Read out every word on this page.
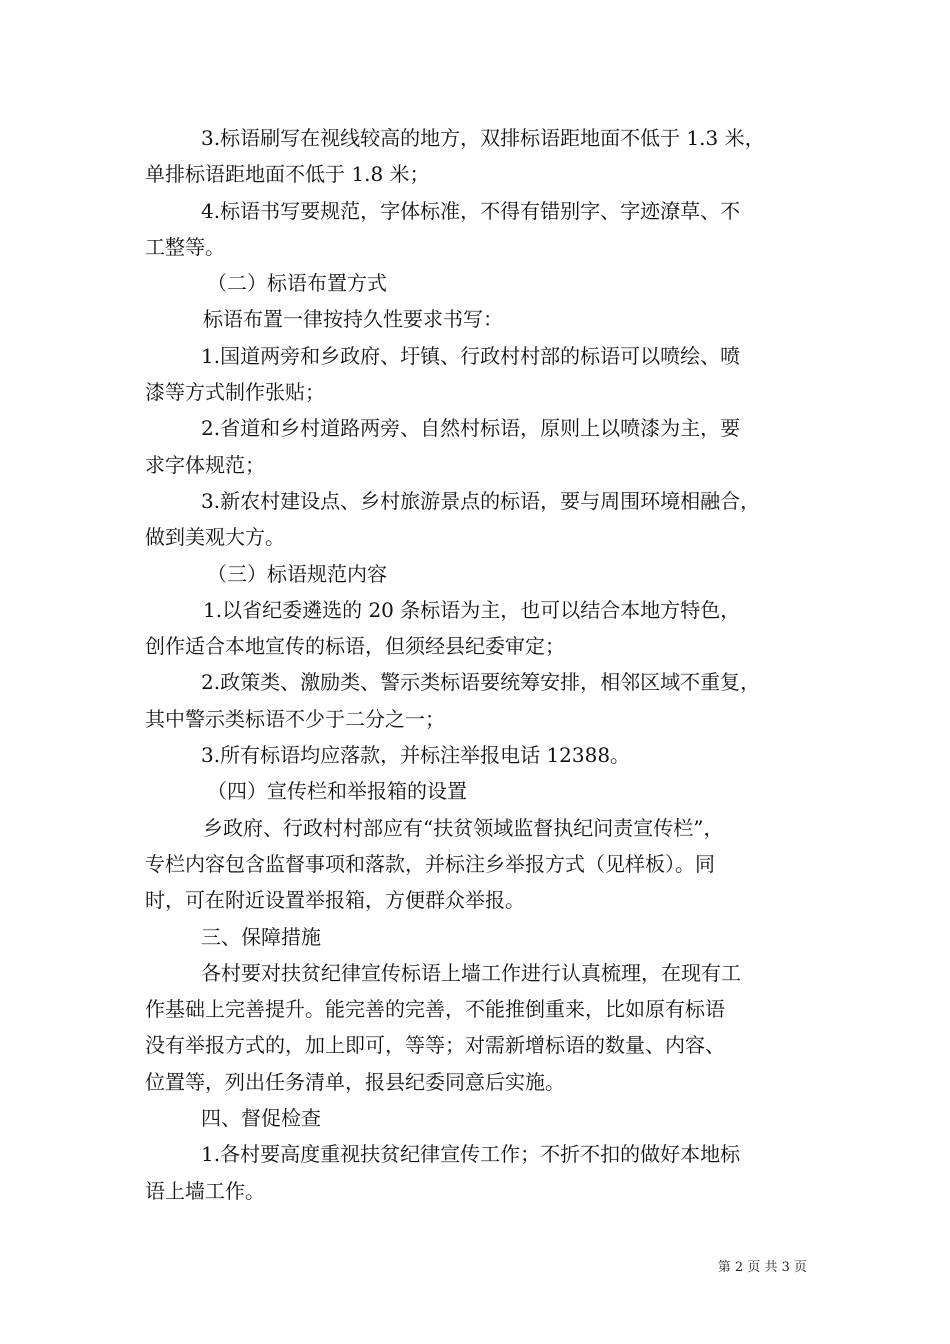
3.标语刷写在视线较高的地方，双排标语距地面不低于 1.3 米，
单排标语距地面不低于 1.8 米；
4.标语书写要规范，字体标准，不得有错别字、字迹潦草、不
工整等。
（二）标语布置方式
标语布置一律按持久性要求书写：
1.国道两旁和乡政府、圩镇、行政村村部的标语可以喷绘、喷
漆等方式制作张贴；
2.省道和乡村道路两旁、自然村标语，原则上以喷漆为主，要
求字体规范；
3.新农村建设点、乡村旅游景点的标语，要与周围环境相融合，
做到美观大方。
（三）标语规范内容
1.以省纪委遴选的 20 条标语为主，也可以结合本地方特色，
创作适合本地宣传的标语，但须经县纪委审定；
2.政策类、激励类、警示类标语要统筹安排，相邻区域不重复，
其中警示类标语不少于二分之一；
3.所有标语均应落款，并标注举报电话 12388。
（四）宣传栏和举报箱的设置
乡政府、行政村村部应有“扶贫领域监督执纪问责宣传栏”，
专栏内容包含监督事项和落款，并标注乡举报方式（见样板）。同
时，可在附近设置举报箱，方便群众举报。
三、保障措施
各村要对扶贫纪律宣传标语上墙工作进行认真梳理，在现有工
作基础上完善提升。能完善的完善，不能推倒重来，比如原有标语
没有举报方式的，加上即可，等等；对需新增标语的数量、内容、
位置等，列出任务清单，报县纪委同意后实施。
四、督促检查
1.各村要高度重视扶贫纪律宣传工作；不折不扣的做好本地标
语上墙工作。
第 2 页 共 3 页
